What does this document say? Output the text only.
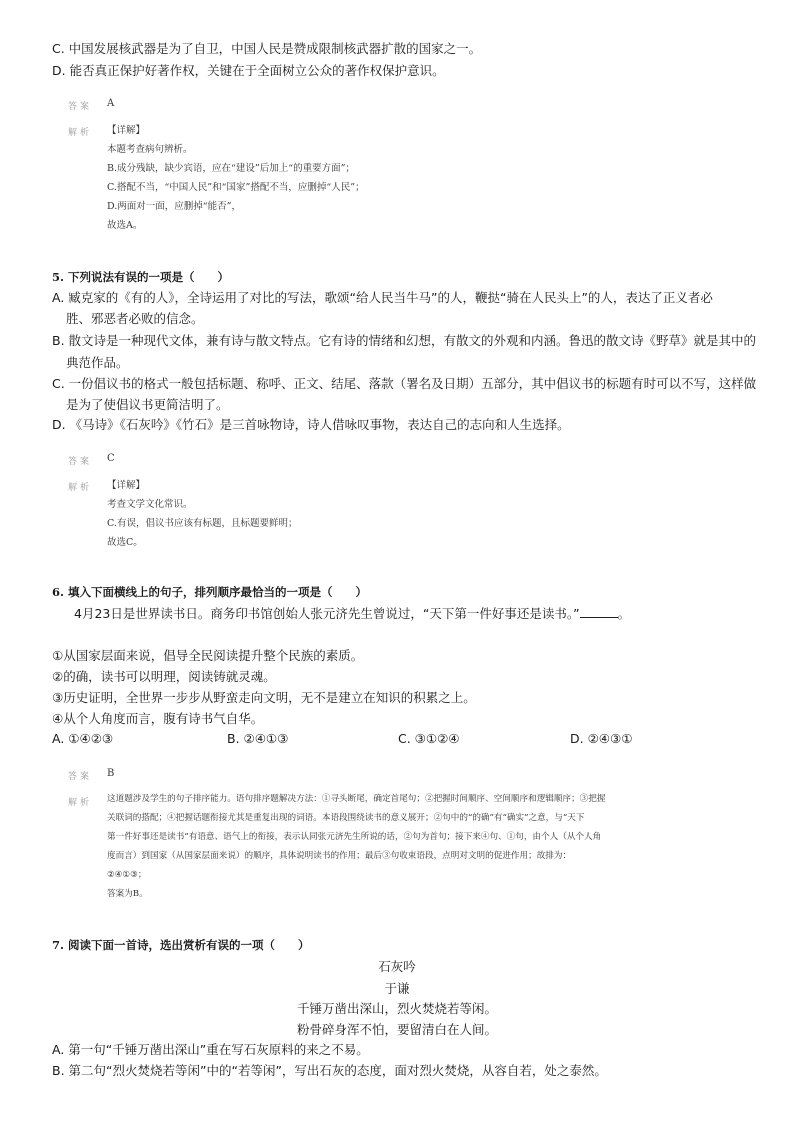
C. 中国发展核武器是为了自卫，中国人民是赞成限制核武器扩散的国家之一。
D. 能否真正保护好著作权，关键在于全面树立公众的著作权保护意识。
答案 A
解析 【详解】
本题考查病句辨析。
B.成分残缺，缺少宾语，应在“建设”后加上“的重要方面”；
C.搭配不当，“中国人民”和“国家”搭配不当，应删掉“人民”；
D.两面对一面，应删掉“能否”，
故选A。
5. 下列说法有误的一项是（　　）
A. 臧克家的《有的人》，全诗运用了对比的写法，歌颂“给人民当牛马”的人，鞭挞“骑在人民头上”的人，表达了正义者必
胜、邪恶者必败的信念。
B. 散文诗是一种现代文体，兼有诗与散文特点。它有诗的情绪和幻想，有散文的外观和内涵。鲁迅的散文诗《野草》就是其中的
典范作品。
C. 一份倡议书的格式一般包括标题、称呼、正文、结尾、落款（署名及日期）五部分，其中倡议书的标题有时可以不写，这样做
是为了使倡议书更简洁明了。
D. 《马诗》《石灰吟》《竹石》是三首咏物诗，诗人借咏叹事物，表达自己的志向和人生选择。
答案 C
解析 【详解】
考查文学文化常识。
C.有误，倡议书应该有标题，且标题要鲜明；
故选C。
6. 填入下面横线上的句子，排列顺序最恰当的一项是（　　）
4月23日是世界读书日。商务印书馆创始人张元济先生曾说过，“天下第一件好事还是读书。”	。
①从国家层面来说，倡导全民阅读提升整个民族的素质。
②的确，读书可以明理，阅读铸就灵魂。
③历史证明，全世界一步步从野蛮走向文明，无不是建立在知识的积累之上。
④从个人角度而言，腹有诗书气自华。
A. ①④②③	B. ②④①③	C. ③①②④	D. ②④③①
答案 B
解析 这道题涉及学生的句子排序能力。语句排序题解决方法：①寻头断尾，确定首尾句；②把握时间顺序、空间顺序和逻辑顺序；③把握
关联词的搭配；④把握话题衔接尤其是重复出现的词语。本语段围绕读书的意义展开；②句中的“的确”有“确实”之意，与“天下
第一件好事还是读书”有语意、语气上的衔接，表示认同张元济先生所说的话，②句为首句；接下来④句、①句，由个人（从个人角
度而言）到国家（从国家层面来说）的顺序，具体说明读书的作用；最后③句收束语段，点明对文明的促进作用；故排为：
②④①③；
答案为B。
7. 阅读下面一首诗，选出赏析有误的一项（　　）
石灰吟
于谦
千锤万凿出深山，烈火焚烧若等闲。
粉骨碎身浑不怕，要留清白在人间。
A. 第一句“千锤万凿出深山”重在写石灰原料的来之不易。
B. 第二句“烈火焚烧若等闲”中的“若等闲”，写出石灰的态度，面对烈火焚烧，从容自若，处之泰然。
